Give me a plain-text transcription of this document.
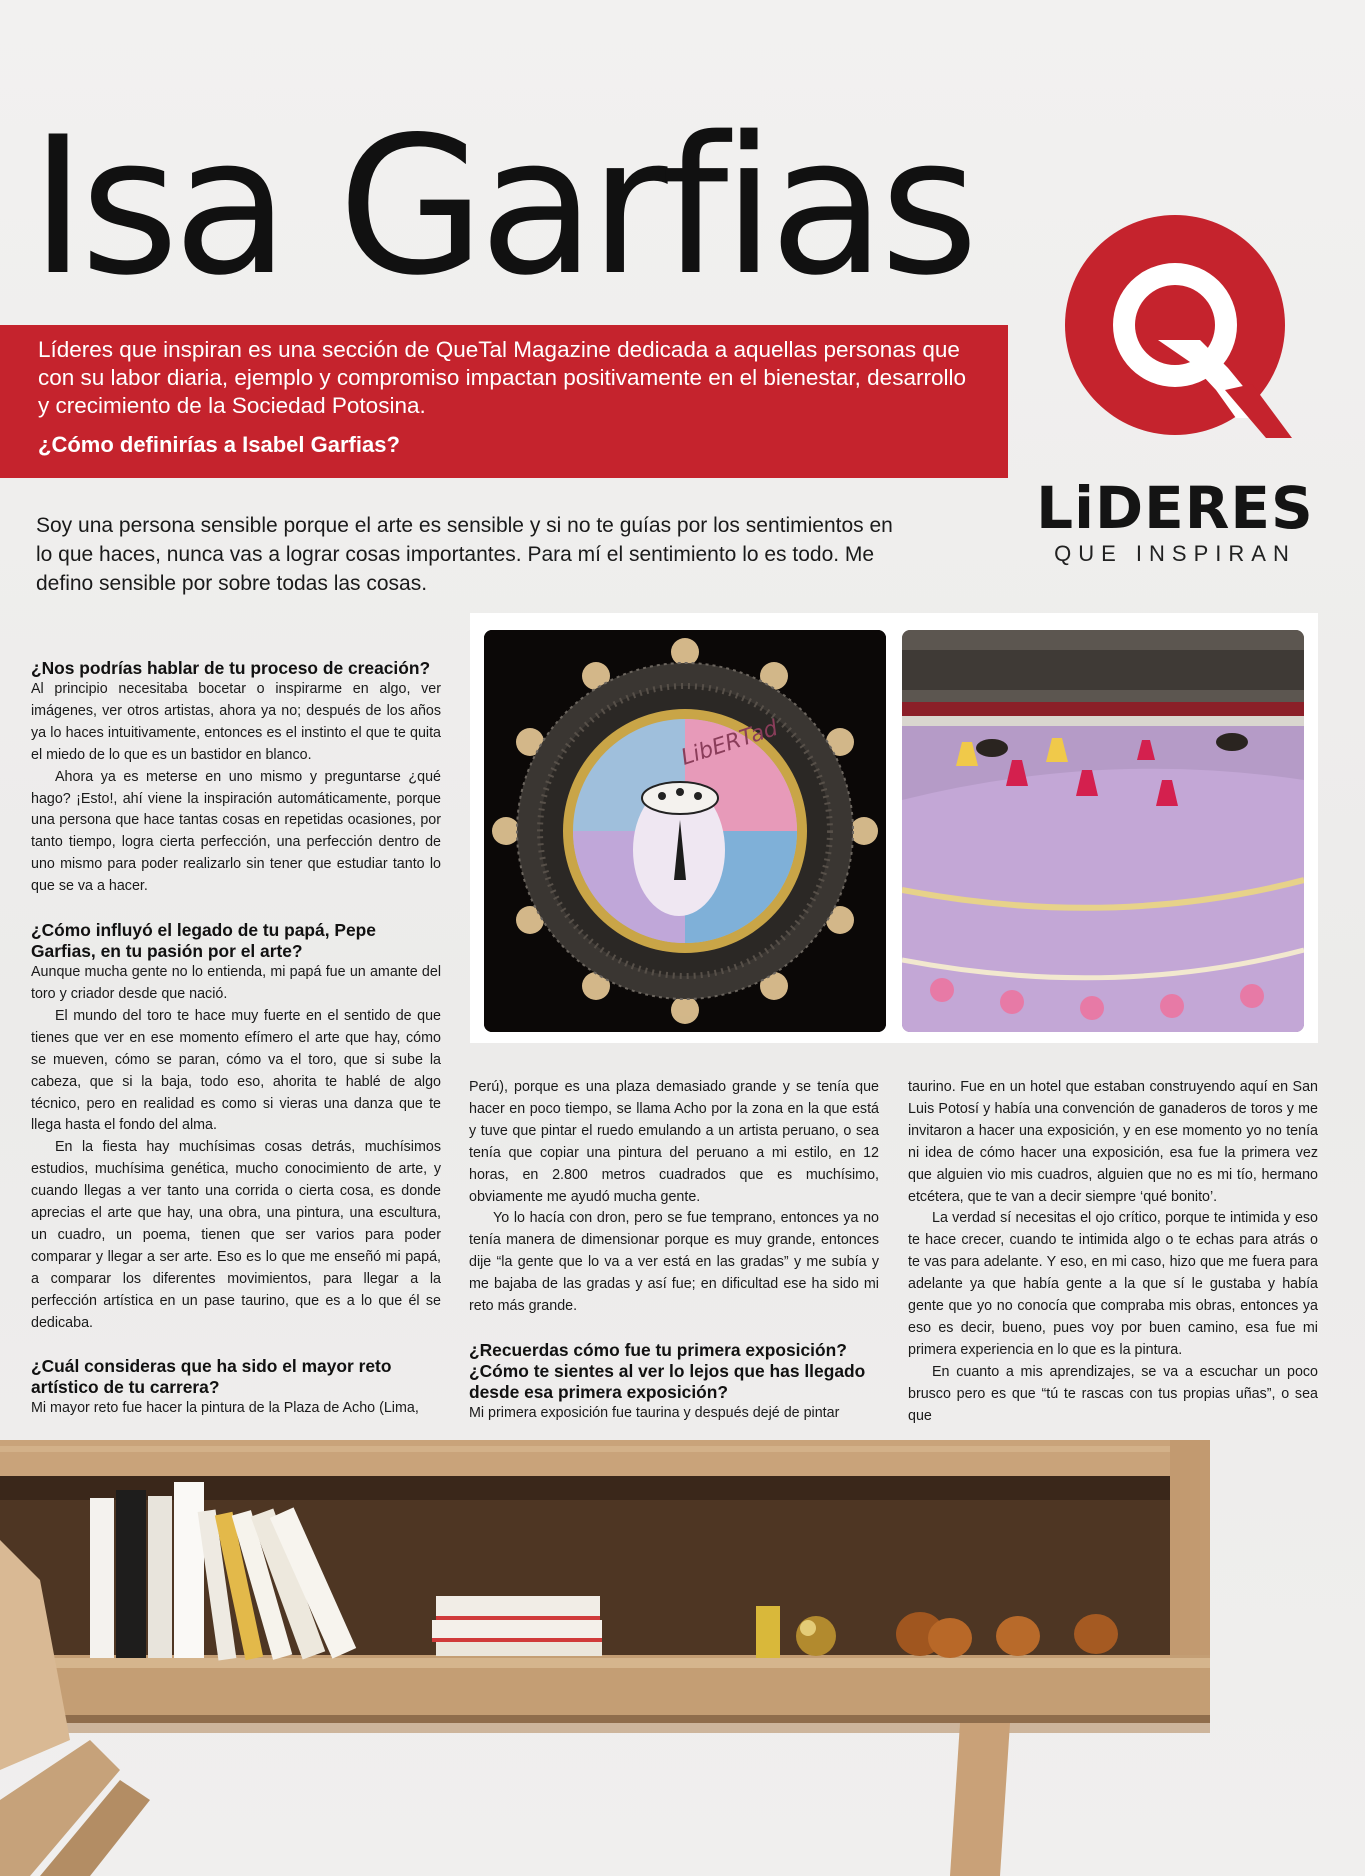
Isa Garfias

Líderes que inspiran es una sección de QueTal Magazine dedicada a aquellas personas que con su labor diaria, ejemplo y compromiso impactan positivamente en el bienestar, desarrollo y crecimiento de la Sociedad Potosina.

¿Cómo definirías a Isabel Garfias?

LiDERES
QUE INSPIRAN

Soy una persona sensible porque el arte es sensible y si no te guías por los sentimientos en lo que haces, nunca vas a lograr cosas importantes. Para mí el sentimiento lo es todo. Me defino sensible por sobre todas las cosas.

LibERTad
¿Nos podrías hablar de tu proceso de creación?

Al principio necesitaba bocetar o inspirarme en algo, ver imágenes, ver otros artistas, ahora ya no; después de los años ya lo haces intuitivamente, entonces es el instinto el que te quita el miedo de lo que es un bastidor en blanco.

Ahora ya es meterse en uno mismo y preguntarse ¿qué hago? ¡Esto!, ahí viene la inspiración automáticamente, porque una persona que hace tantas cosas en repetidas ocasiones, por tanto tiempo, logra cierta perfección, una perfección dentro de uno mismo para poder realizarlo sin tener que estudiar tanto lo que se va a hacer.

¿Cómo influyó el legado de tu papá, Pepe Garfias, en tu pasión por el arte?

Aunque mucha gente no lo entienda, mi papá fue un amante del toro y criador desde que nació.

El mundo del toro te hace muy fuerte en el sentido de que tienes que ver en ese momento efímero el arte que hay, cómo se mueven, cómo se paran, cómo va el toro, que si sube la cabeza, que si la baja, todo eso, ahorita te hablé de algo técnico, pero en realidad es como si vieras una danza que te llega hasta el fondo del alma.

En la fiesta hay muchísimas cosas detrás, muchísimos estudios, muchísima genética, mucho conocimiento de arte, y cuando llegas a ver tanto una corrida o cierta cosa, es donde aprecias el arte que hay, una obra, una pintura, una escultura, un cuadro, un poema, tienen que ser varios para poder comparar y llegar a ser arte. Eso es lo que me enseñó mi papá, a comparar los diferentes movimientos, para llegar a la perfección artística en un pase taurino, que es a lo que él se dedicaba.

¿Cuál consideras que ha sido el mayor reto artístico de tu carrera?

Mi mayor reto fue hacer la pintura de la Plaza de Acho (Lima,

Perú), porque es una plaza demasiado grande y se tenía que hacer en poco tiempo, se llama Acho por la zona en la que está y tuve que pintar el ruedo emulando a un artista peruano, o sea tenía que copiar una pintura del peruano a mi estilo, en 12 horas, en 2.800 metros cuadrados que es muchísimo, obviamente me ayudó mucha gente.

Yo lo hacía con dron, pero se fue temprano, entonces ya no tenía manera de dimensionar porque es muy grande, entonces dije “la gente que lo va a ver está en las gradas” y me subía y me bajaba de las gradas y así fue; en dificultad ese ha sido mi reto más grande.

¿Recuerdas cómo fue tu primera exposición? ¿Cómo te sientes al ver lo lejos que has llegado desde esa primera exposición?

Mi primera exposición fue taurina y después dejé de pintar

taurino. Fue en un hotel que estaban construyendo aquí en San Luis Potosí y había una convención de ganaderos de toros y me invitaron a hacer una exposición, y en ese momento yo no tenía ni idea de cómo hacer una exposición, esa fue la primera vez que alguien vio mis cuadros, alguien que no es mi tío, hermano etcétera, que te van a decir siempre ‘qué bonito’.

La verdad sí necesitas el ojo crítico, porque te intimida y eso te hace crecer, cuando te intimida algo o te echas para atrás o te vas para adelante. Y eso, en mi caso, hizo que me fuera para adelante ya que había gente a la que sí le gustaba y había gente que yo no conocía que compraba mis obras, entonces ya eso es decir, bueno, pues voy por buen camino, esa fue mi primera experiencia en lo que es la pintura.

En cuanto a mis aprendizajes, se va a escuchar un poco brusco pero es que “tú te rascas con tus propias uñas”, o sea que
